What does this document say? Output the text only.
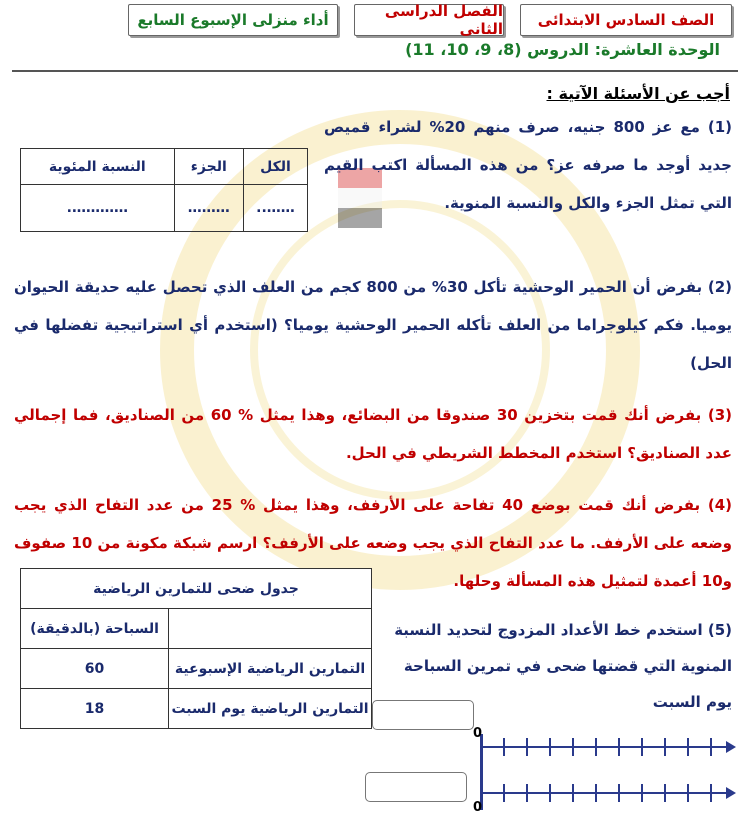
الصف السادس الابتدائى
الفصل الدراسى الثانى
أداء منزلى الإسبوع السابع
الوحدة العاشرة: الدروس (8، 9، 10، 11)
أجب عن الأسئلة الآتية :
(1) مع عز 800 جنيه، صرف منهم 20% لشراء قميص جديد أوجد ما صرفه عز؟ من هذه المسألة اكتب القيم التي تمثل الجزء والكل والنسبة المنوية.
الكل	الجزء	النسبة المئوية
……..	………	………….
(2) بفرض أن الحمير الوحشية تأكل 30% من 800 كجم من العلف الذي تحصل عليه حديقة الحيوان يوميا. فكم كيلوجراما من العلف تأكله الحمير الوحشية يوميا؟ (استخدم أي استراتيجية تفضلها في الحل)
(3) بفرض أنك قمت بتخزين 30 صندوقا من البضائع، وهذا يمثل % 60 من الصناديق، فما إجمالي عدد الصناديق؟ استخدم المخطط الشريطي في الحل.
(4) بفرض أنك قمت بوضع 40 تفاحة على الأرفف، وهذا يمثل % 25 من عدد التفاح الذي يجب وضعه على الأرفف. ما عدد التفاح الذي يجب وضعه على الأرفف؟ ارسم شبكة مكونة من 10 صفوف و10 أعمدة لتمثيل هذه المسألة وحلها.
جدول ضحى للتمارين الرياضية	
	السباحة (بالدقيقة)
التمارين الرياضية الإسبوعية	60
التمارين الرياضية يوم السبت	18
(5) استخدم خط الأعداد المزدوج لتحديد النسبة المنوية التي قضتها ضحى في تمرين السباحة يوم السبت
0
0
